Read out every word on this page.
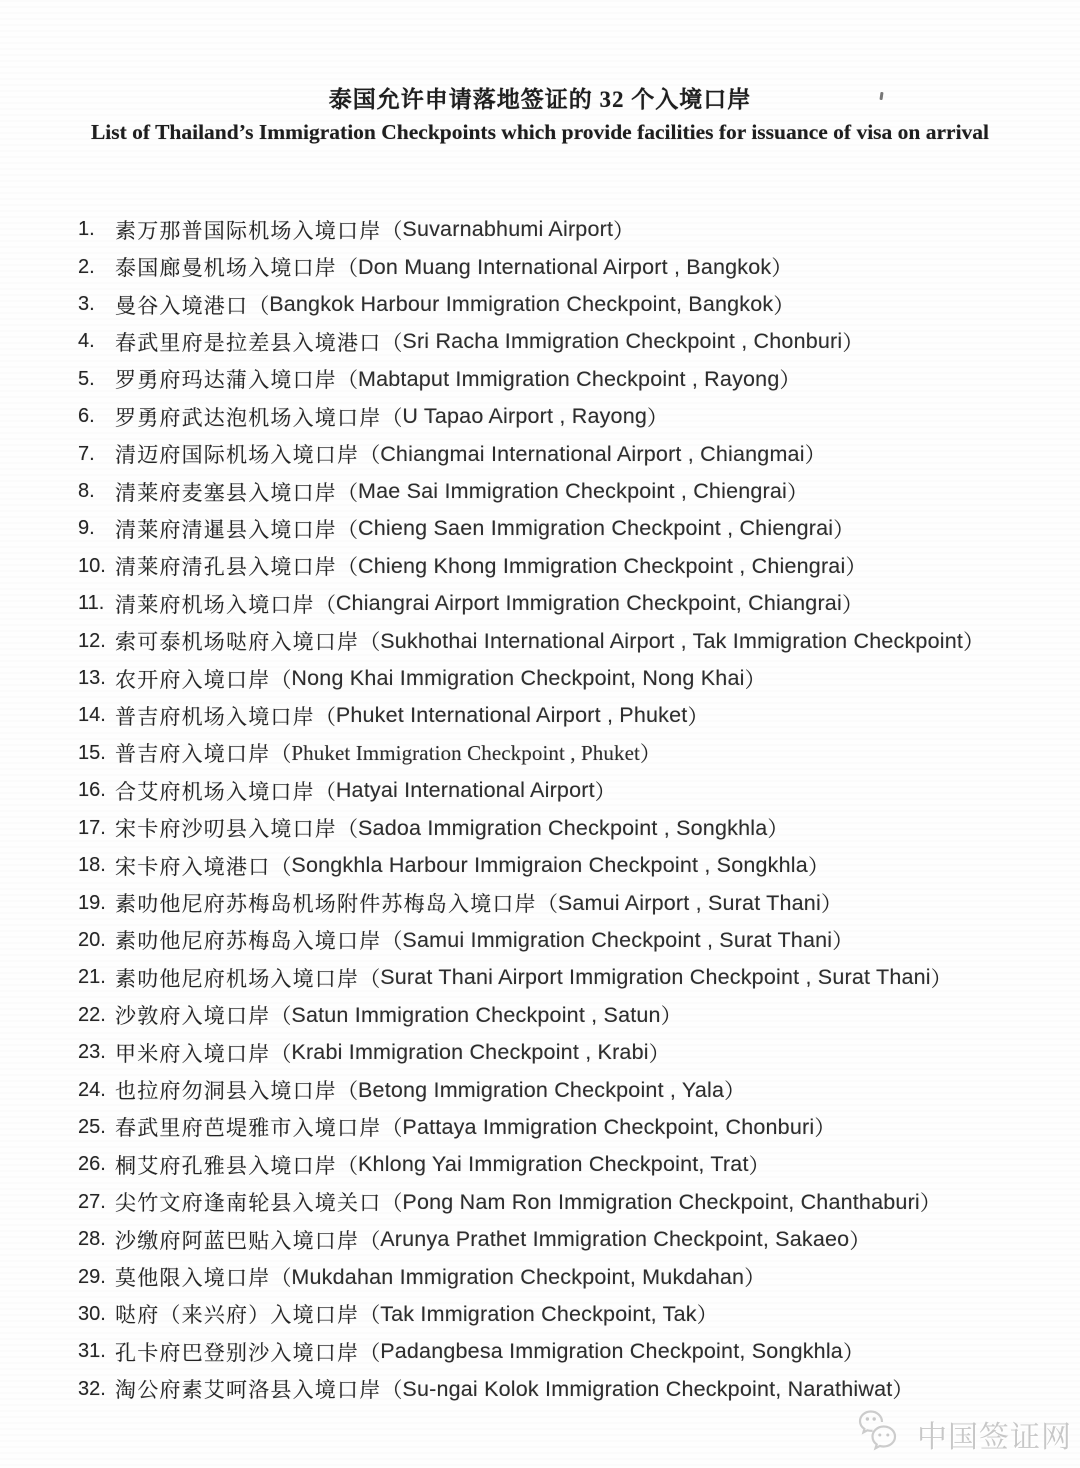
泰国允许申请落地签证的 32 个入境口岸
List of Thailand’s Immigration Checkpoints which provide facilities for issuance of visa on arrival
1. 素万那普国际机场入境口岸 （ Suvarnabhumi Airport ）
2. 泰国廊曼机场入境口岸 （ Don Muang International Airport , Bangkok ）
3. 曼谷入境港口 （ Bangkok Harbour Immigration Checkpoint, Bangkok ）
4. 春武里府是拉差县入境港口 （ Sri Racha Immigration Checkpoint , Chonburi ）
5. 罗勇府玛达蒲入境口岸 （ Mabtaput Immigration Checkpoint , Rayong ）
6. 罗勇府武达泡机场入境口岸 （ U Tapao Airport , Rayong ）
7. 清迈府国际机场入境口岸 （ Chiangmai International Airport , Chiangmai ）
8. 清莱府麦塞县入境口岸 （ Mae Sai Immigration Checkpoint , Chiengrai ）
9. 清莱府清暹县入境口岸 （ Chieng Saen Immigration Checkpoint , Chiengrai ）
10. 清莱府清孔县入境口岸 （ Chieng Khong Immigration Checkpoint , Chiengrai ）
11. 清莱府机场入境口岸 （ Chiangrai Airport Immigration Checkpoint, Chiangrai ）
12. 索可泰机场哒府入境口岸 （ Sukhothai International Airport , Tak Immigration Checkpoint ）
13. 农开府入境口岸 （ Nong Khai Immigration Checkpoint, Nong Khai ）
14. 普吉府机场入境口岸 （ Phuket International Airport , Phuket ）
15. 普吉府入境口岸 （ Phuket Immigration Checkpoint , Phuket ）
16. 合艾府机场入境口岸 （ Hatyai International Airport ）
17. 宋卡府沙叨县入境口岸 （ Sadoa Immigration Checkpoint , Songkhla ）
18. 宋卡府入境港口 （ Songkhla Harbour Immigraion Checkpoint , Songkhla ）
19. 素叻他尼府苏梅岛机场附件苏梅岛入境口岸 （ Samui Airport , Surat Thani ）
20. 素叻他尼府苏梅岛入境口岸 （ Samui Immigration Checkpoint , Surat Thani ）
21. 素叻他尼府机场入境口岸 （ Surat Thani Airport Immigration Checkpoint , Surat Thani ）
22. 沙敦府入境口岸 （ Satun Immigration Checkpoint , Satun ）
23. 甲米府入境口岸 （ Krabi Immigration Checkpoint , Krabi ）
24. 也拉府勿洞县入境口岸 （ Betong Immigration Checkpoint , Yala ）
25. 春武里府芭堤雅市入境口岸 （ Pattaya Immigration Checkpoint, Chonburi ）
26. 桐艾府孔雅县入境口岸 （ Khlong Yai Immigration Checkpoint, Trat ）
27. 尖竹文府逢南轮县入境关口 （ Pong Nam Ron Immigration Checkpoint, Chanthaburi ）
28. 沙缴府阿蓝巴贴入境口岸 （ Arunya Prathet Immigration Checkpoint, Sakaeo ）
29. 莫他限入境口岸 （ Mukdahan Immigration Checkpoint, Mukdahan ）
30. 哒府（来兴府）入境口岸 （ Tak Immigration Checkpoint, Tak ）
31. 孔卡府巴登别沙入境口岸 （ Padangbesa Immigration Checkpoint, Songkhla ）
32. 淘公府素艾呵洛县入境口岸 （ Su-ngai Kolok Immigration Checkpoint, Narathiwat ）
中国签证网
